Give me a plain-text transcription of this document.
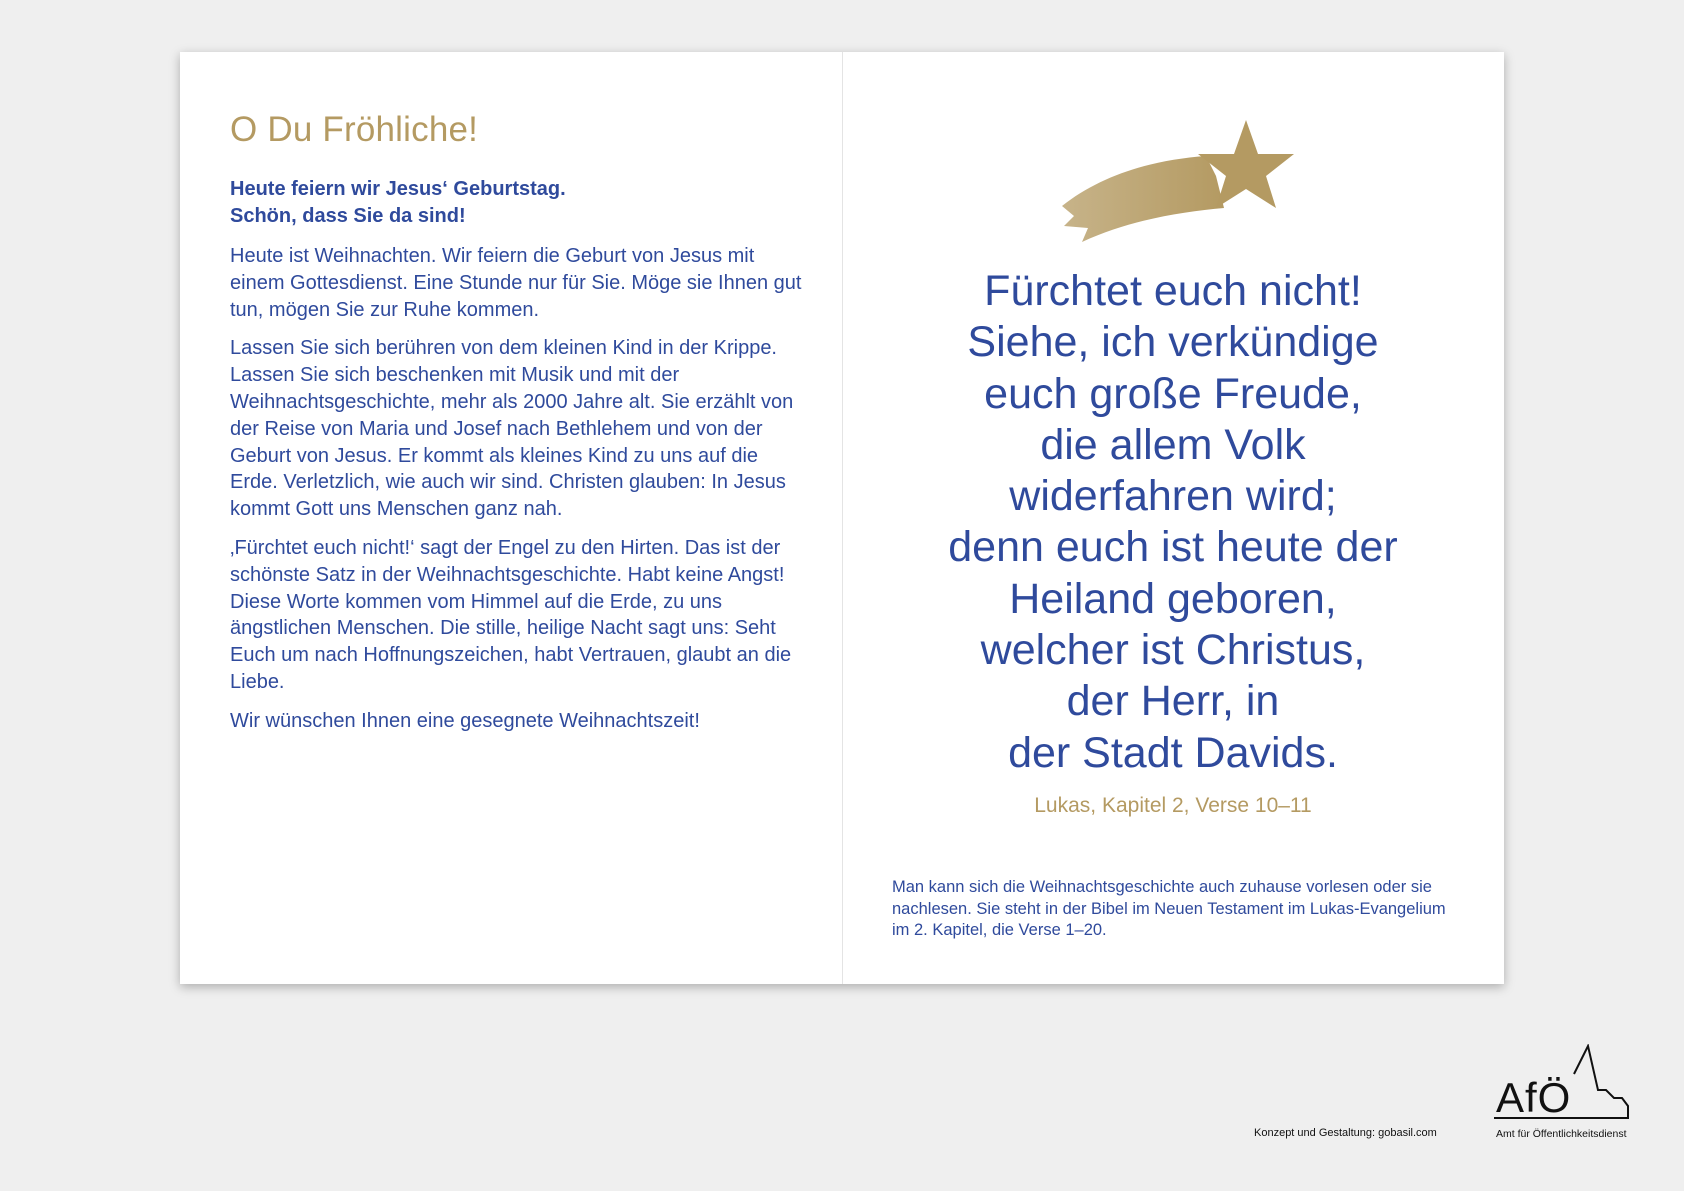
O Du Fröhliche!

Heute feiern wir Jesus‘ Geburtstag.
Schön, dass Sie da sind!

Heute ist Weihnachten. Wir feiern die Geburt von Jesus mit einem Gottesdienst. Eine Stunde nur für Sie. Möge sie Ihnen gut tun, mögen Sie zur Ruhe kommen.

Lassen Sie sich berühren von dem kleinen Kind in der Krippe. Lassen Sie sich beschenken mit Musik und mit der Weihnachtsgeschichte, mehr als 2000 Jahre alt. Sie erzählt von der Reise von Maria und Josef nach Bethlehem und von der Geburt von Jesus. Er kommt als kleines Kind zu uns auf die Erde. Verletzlich, wie auch wir sind. Christen glauben: In Jesus kommt Gott uns Menschen ganz nah.

‚Fürchtet euch nicht!‘ sagt der Engel zu den Hirten. Das ist der schönste Satz in der Weihnachtsgeschichte. Habt keine Angst! Diese Worte kommen vom Himmel auf die Erde, zu uns ängstlichen Menschen. Die stille, heilige Nacht sagt uns: Seht Euch um nach Hoffnungszeichen, habt Vertrauen, glaubt an die Liebe.

Wir wünschen Ihnen eine gesegnete Weihnachtszeit!

Fürchtet euch nicht!
Siehe, ich verkündige
euch große Freude,
die allem Volk
widerfahren wird;
denn euch ist heute der
Heiland geboren,
welcher ist Christus,
der Herr, in
der Stadt Davids.
Lukas, Kapitel 2, Verse 10–11
Man kann sich die Weihnachtsgeschichte auch zuhause vorlesen oder sie nachlesen. Sie steht in der Bibel im Neuen Testament im Lukas-Evangelium im 2. Kapitel, die Verse 1–20.
Konzept und Gestaltung: gobasil.com
AfÖ
Amt für Öffentlichkeitsdienst
